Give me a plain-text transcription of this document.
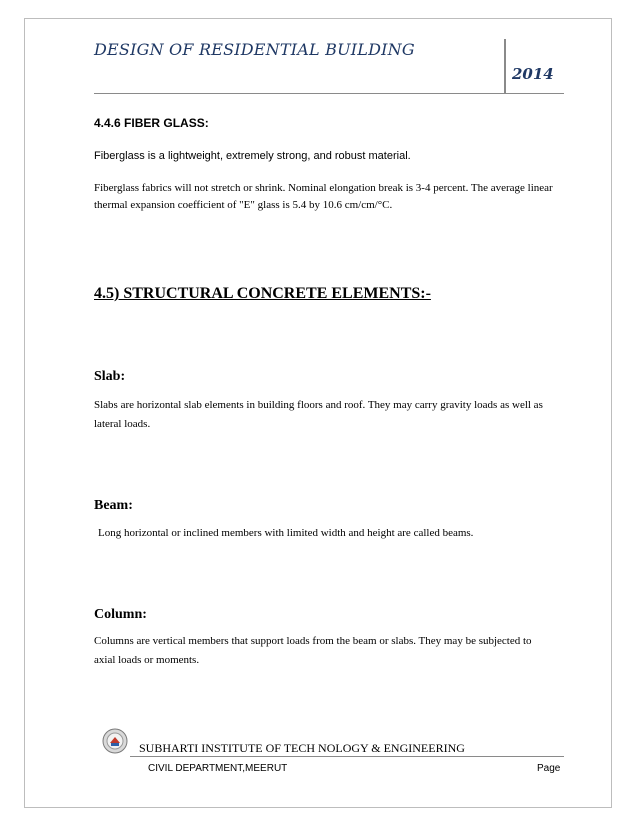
DESIGN OF RESIDENTIAL BUILDING
2014
4.4.6 FIBER GLASS:
Fiberglass is a lightweight, extremely strong, and robust material.
Fiberglass fabrics will not stretch or shrink. Nominal elongation break is 3-4 percent. The average linear thermal expansion coefficient of "E" glass is 5.4 by 10.6 cm/cm/°C.
4.5) STRUCTURAL CONCRETE ELEMENTS:-
Slab:
Slabs are horizontal slab elements in building floors and roof. They may carry gravity loads as well as lateral loads.
Beam:
Long horizontal or inclined members with limited width and height are called beams.
Column:
Columns are vertical members that support loads from the beam or slabs. They may be subjected to axial loads or moments.
SUBHARTI INSTITUTE OF TECH NOLOGY & ENGINEERING
CIVIL DEPARTMENT,MEERUT	Page
